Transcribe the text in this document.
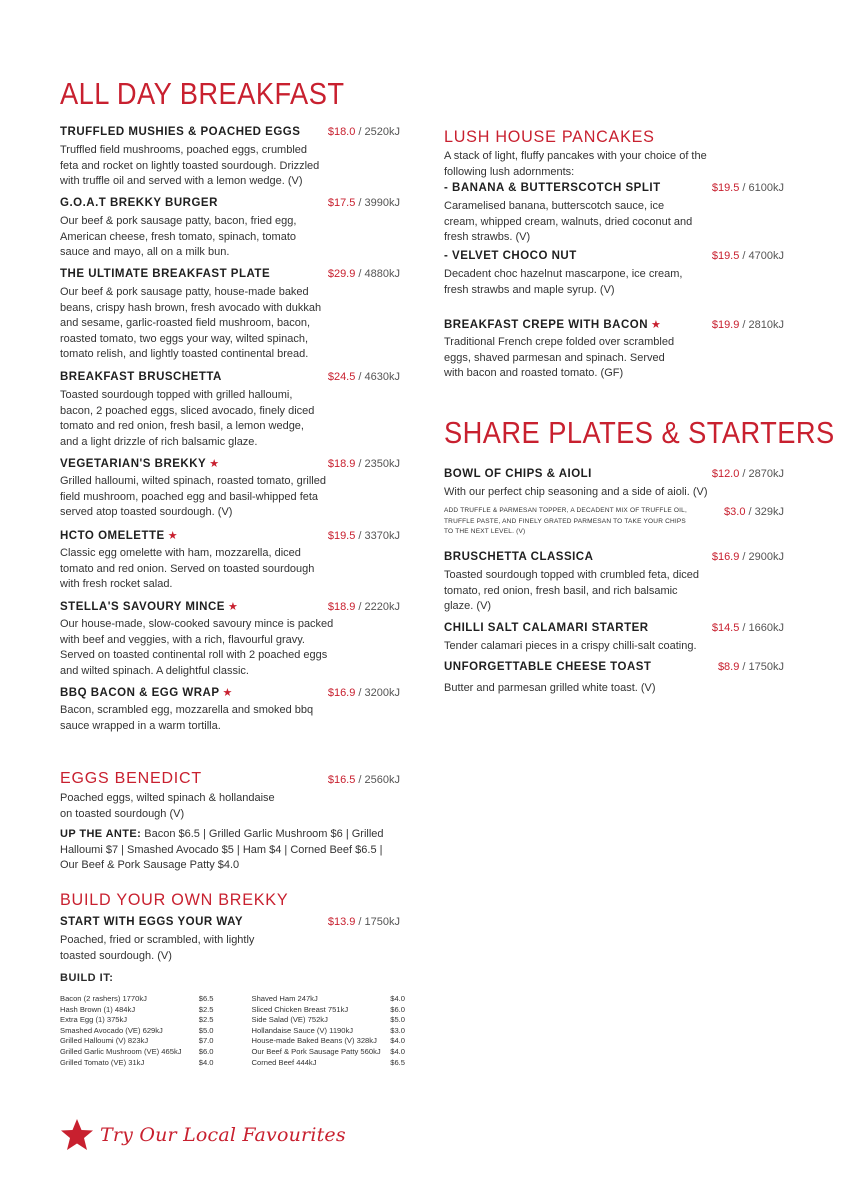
ALL DAY BREAKFAST
TRUFFLED MUSHIES & POACHED EGGS $18.0 / 2520kJ
Truffled field mushrooms, poached eggs, crumbled feta and rocket on lightly toasted sourdough. Drizzled with truffle oil and served with a lemon wedge. (V)
G.O.A.T BREKKY BURGER	$17.5 / 3990kJ
Our beef & pork sausage patty, bacon, fried egg, American cheese, fresh tomato, spinach, tomato sauce and mayo, all on a milk bun.
THE ULTIMATE BREAKFAST PLATE	$29.9 / 4880kJ
Our beef & pork sausage patty, house-made baked beans, crispy hash brown, fresh avocado with dukkah and sesame, garlic-roasted field mushroom, bacon, roasted tomato, two eggs your way, wilted spinach, tomato relish, and lightly toasted continental bread.
BREAKFAST BRUSCHETTA	$24.5 / 4630kJ
Toasted sourdough topped with grilled halloumi, bacon, 2 poached eggs, sliced avocado, finely diced tomato and red onion, fresh basil, a lemon wedge, and a light drizzle of rich balsamic glaze.
VEGETARIAN'S BREKKY ★	$18.9 / 2350kJ
Grilled halloumi, wilted spinach, roasted tomato, grilled field mushroom, poached egg and basil-whipped feta served atop toasted sourdough. (V)
HCTO OMELETTE ★	$19.5 / 3370kJ
Classic egg omelette with ham, mozzarella, diced tomato and red onion. Served on toasted sourdough with fresh rocket salad.
STELLA'S SAVOURY MINCE ★	$18.9 / 2220kJ
Our house-made, slow-cooked savoury mince is packed with beef and veggies, with a rich, flavourful gravy. Served on toasted continental roll with 2 poached eggs and wilted spinach. A delightful classic.
BBQ BACON & EGG WRAP ★	$16.9 / 3200kJ
Bacon, scrambled egg, mozzarella and smoked bbq sauce wrapped in a warm tortilla.
EGGS BENEDICT	$16.5 / 2560kJ
Poached eggs, wilted spinach & hollandaise
on toasted sourdough (V)
UP THE ANTE: Bacon $6.5 | Grilled Garlic Mushroom $6 | Grilled
Halloumi $7 | Smashed Avocado $5 | Ham $4 | Corned Beef $6.5 |
Our Beef & Pork Sausage Patty $4.0
BUILD YOUR OWN BREKKY
START WITH EGGS YOUR WAY	$13.9 / 1750kJ
Poached, fried or scrambled, with lightly
toasted sourdough. (V)
BUILD IT:
Bacon (2 rashers) 1770kJ	$6.5
Hash Brown (1) 484kJ	$2.5
Extra Egg (1) 375kJ	$2.5
Smashed Avocado (VE) 629kJ	$5.0
Grilled Halloumi (V) 823kJ	$7.0
Grilled Garlic Mushroom (VE) 465kJ $6.0
Grilled Tomato (VE) 31kJ	$4.0
Shaved Ham 247kJ	$4.0
Sliced Chicken Breast 751kJ	$6.0
Side Salad (VE) 752kJ	$5.0
Hollandaise Sauce (V) 1190kJ	$3.0
House-made Baked Beans (V) 328kJ $4.0
Our Beef & Pork Sausage Patty 560kJ $4.0
Corned Beef 444kJ	$6.5
LUSH HOUSE PANCAKES
A stack of light, fluffy pancakes with your choice of the
following lush adornments:
- BANANA & BUTTERSCOTCH SPLIT	$19.5 / 6100kJ
Caramelised banana, butterscotch sauce, ice cream, whipped cream, walnuts, dried coconut and fresh strawbs. (V)
- VELVET CHOCO NUT	$19.5 / 4700kJ
Decadent choc hazelnut mascarpone, ice cream, fresh strawbs and maple syrup. (V)
BREAKFAST CREPE WITH BACON ★	$19.9 / 2810kJ
Traditional French crepe folded over scrambled eggs, shaved parmesan and spinach. Served with bacon and roasted tomato. (GF)
SHARE PLATES & STARTERS
BOWL OF CHIPS & AIOLI	$12.0 / 2870kJ
With our perfect chip seasoning and a side of aioli. (V)
ADD TRUFFLE & PARMESAN TOPPER, A DECADENT MIX OF TRUFFLE OIL, TRUFFLE PASTE, AND FINELY GRATED PARMESAN TO TAKE YOUR CHIPS TO THE NEXT LEVEL. (V)
$3.0 / 329kJ
BRUSCHETTA CLASSICA	$16.9 / 2900kJ
Toasted sourdough topped with crumbled feta, diced tomato, red onion, fresh basil, and rich balsamic glaze. (V)
CHILLI SALT CALAMARI STARTER	$14.5 / 1660kJ
Tender calamari pieces in a crispy chilli-salt coating.
UNFORGETTABLE CHEESE TOAST	$8.9 / 1750kJ
Butter and parmesan grilled white toast. (V)
Try Our Local Favourites
